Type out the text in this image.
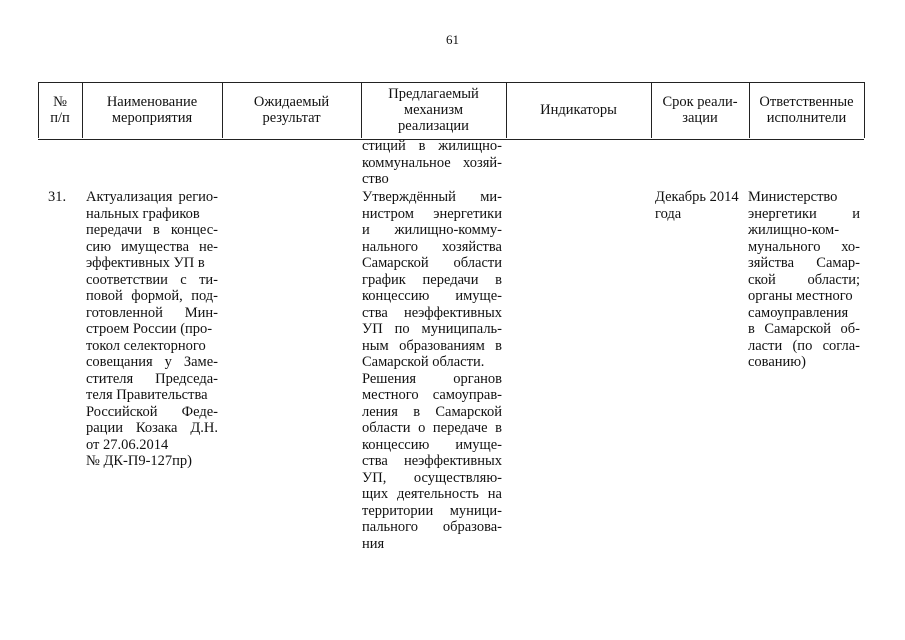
61
№
п/п
Наименование
мероприятия
Ожидаемый
результат
Предлагаемый
механизм
реализации
Индикаторы	Срок реали-
зации
Ответственные
исполнители
стиций в жилищно-
коммунальное хозяй-
ство
31.	Актуализация регио-
нальных графиков
передачи в концес-
сию имущества не-
эффективных УП в
соответствии с ти-
повой формой, под-
готовленной Мин-
строем России (про-
токол селекторного
совещания у Заме-
стителя Председа-
теля Правительства
Российской Феде-
рации Козака Д.Н.
от 27.06.2014
№ ДК-П9-127пр)
Утверждённый ми-
нистром энергетики
и жилищно-комму-
нального хозяйства
Самарской области
график передачи в
концессию имуще-
ства неэффективных
УП по муниципаль-
ным образованиям в
Самарской области.
Решения органов
местного самоуправ-
ления в Самарской
области о передаче в
концессию имуще-
ства неэффективных
УП, осуществляю-
щих деятельность на
территории муници-
пального образова-
ния
Декабрь 2014
года
Министерство
энергетики и
жилищно-ком-
мунального хо-
зяйства Самар-
ской области;
органы местного
самоуправления
в Самарской об-
ласти (по согла-
сованию)
